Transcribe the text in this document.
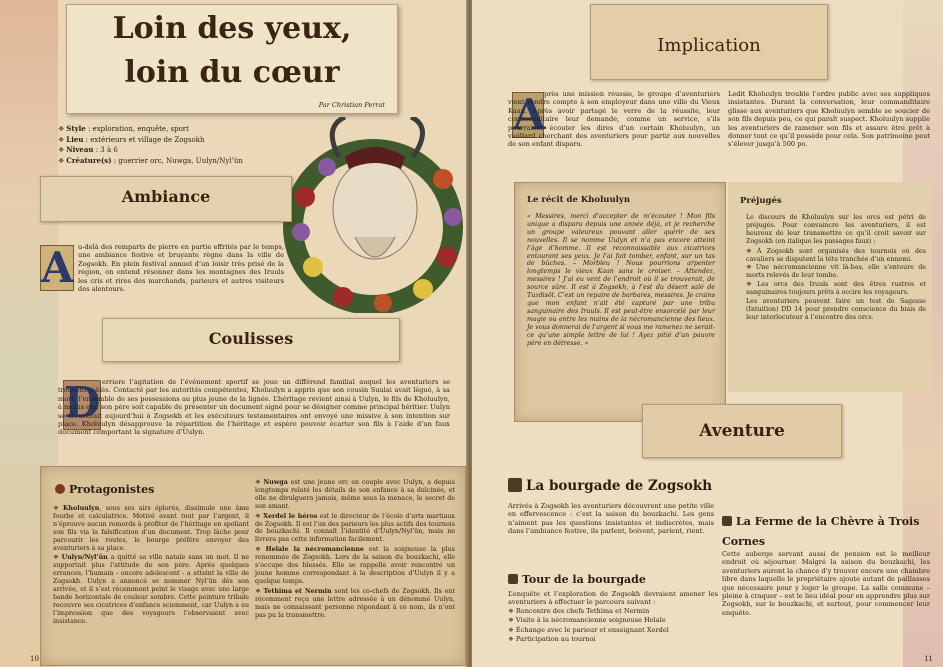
Loin des yeux,
loin du cœur
Par Christian Perrat
❖ Style : exploration, enquête, sport
❖ Lieu : extérieurs et village de Zogsokh
❖ Niveau : 3 à 6
❖ Créature(s) : guerrier orc, Nuwga, Uulyn/Nyl’ün
Ambiance
A u-delà des remparts de pierre en partie effrités par le temps, une ambiance festive et bruyante règne dans la ville de Zogsokh. En plein festival annuel d’un loisir très prisé de la région, on entend résonner dans les montagnes des Iruuls les cris et rires des marchands, parieurs et autres visiteurs des alentours.
Coulisses
D erriere l’agitation de l’événement sportif se joue un différend familial auquel les aventuriers se trouvent mêlés. Contacté par les autorités compétentes, Kholuulyn a appris que son cousin Suulai avait légué, à sa mort, l’ensemble de ses possessions au plus jeune de la lignée. L’héritage revient ainsi à Uulyn, le fils de Kholuulyn, à moins que son père soit capable de présenter un document signé pour se désigner comme principal héritier. Uulyn se trouverait aujourd’hui à Zogsokh et les exécuteurs testamentaires ont envoyé une missive à son intention sur place. Kholuulyn désapprouve la répartition de l’héritage et espère pouvoir écarter son fils à l’aide d’un faux document comportant la signature d’Uulyn.
Protagonistes

❖ Kholuulyn, sous ses airs éplorés, dissimule une âme fourbe et calculatrice. Motivé avant tout par l’argent, il n’éprouve aucun remords à profiter de l’héritage en spoliant son fils via la falsification d’un document. Trop lâche pour parcourir les routes, le bourge préfère envoyer des aventuriers à sa place.

❖ Uulyn/Nyl’ün a quitté sa ville natale sans un mot. Il ne supportait plus l’attitude de son père. Après quelques errances, l’humain - encore adolescent - a atteint la ville de Zogsokh. Uulyn a annoncé se nommer Nyl’ün dès son arrivée, et il s’est récemment peint le visage avec une large bande horizontale de couleur sombre. Cette peinture tribale recouvre ses cicatrices d’enfance sciemment, car Uulyn a eu l’impression que des voyageurs l’observaient avec insistance.

❖ Nuwga est une jeune orc en couple avec Uulyn, a depuis longtemps relaté les détails de son enfance à sa dulcinée, et elle ne divulguera jamais, même sous la menace, le secret de son amant.

❖ Xerdel le héros est le directeur de l’école d’arts martiaux de Zogsokh. Il est l’un des parieurs les plus actifs des tournois de bouzkachi. Il connaît l’identité d’Uulyn/Nyl’ün, mais ne livrera pas cette information facilement.

❖ Helale la nécromancienne est la soigneuse la plus renommée de Zogsokh. Lors de la saison du bouzkachi, elle s’occupe des blessés. Elle se rappelle avoir rencontré un jeune homme correspondant à la description d’Uulyn il y a quelque temps.

❖ Tethima et Nermin sont les co-chefs de Zogsokh. Ils ont récemment reçu une lettre adressée à un dénommé Uulyn, mais ne connaissant personne répondant à ce nom, ils n’ont pas pu la transmettre.

10
Implication
A
près une mission réussie, le groupe d’aventuriers vient rendre compte à son employeur dans une ville du Vieux Kaan. Après avoir partagé le verre de la réussite, leur commanditaire leur demande, comme un service, s’ils pourraient écouter les dires d’un certain Kholuulyn, un vieillard cherchant des aventuriers pour partir aux nouvelles de son enfant disparu.
Ledit Kholuulyn trouble l’ordre public avec ses suppliques insistantes. Durant la conversation, leur commanditaire glisse aux aventuriers que Kholuulyn semble se soucier de son fils depuis peu, ce qui paraît suspect. Kholuulyn supplie les aventuriers de ramener son fils et assure être prêt à donner tout ce qu’il possède pour cela. Son patrimoine peut s’élever jusqu’à 500 po.
Le récit de Kholuulyn
« Messires, merci d’accepter de m’écouter ! Mon fils unique a disparu depuis une année déjà, et je recherche un groupe valeureux pouvant aller quérir de ses nouvelles. Il se nomme Uulyn et n’a pas encore atteint l’âge d’homme. Il est reconnaissable aux cicatrices entourant ses yeux. Je l’ai fait tomber, enfant, sur un tas de bûches. – Morbleu ! Nous pourrions arpenter longtemps le vieux Kaan sans le croiser. – Attendez, messires ! J’ai eu vent de l’endroit où il se trouverait, de source sûre. Il est à Zogsokh, à l’est du désert salé de Tuzdisöl. C’est un repaire de barbares, messires. Je crains que mon enfant n’ait été capturé par une tribu sanguinaire des Iruuls. Il est peut-être ensorcelé par leur magie ou entre les mains de la nécromancienne des lieux. Je vous donnerai de l’argent si vous me ramenez ne serait-ce qu’une simple lettre de lui ! Ayez pitié d’un pauvre père en détresse. »
Préjugés

Le discours de Kholuulyn sur les orcs est pétri de préjugés. Pour convaincre les aventuriers, il est heureux de leur transmettre ce qu’il croit savoir sur Zogsokh (en italique les passages faux) :

❖ À Zogsokh sont organisés des tournois où des cavaliers se disputent la tête tranchée d’un ennemi.
❖ Une nécromancienne vit là-bas, elle s’entoure de morts relevés de leur tombe.
❖ Les orcs des Iruuls sont des êtres rustres et sanguinaires toujours prêts à occire les voyageurs.

Les aventuriers peuvent faire un test de Sagesse (Intuition) DD 14 pour prendre conscience du biais de leur interlocuteur à l’encontre des orcs.

Aventure
La bourgade de Zogsokh
Arrivés à Zogsokh les aventuriers découvrent une petite ville en effervescence : c’est la saison du bouzkachi. Les gens n’aiment pas les questions insistantes et indiscrètes, mais dans l’ambiance festive, ils parlent, boivent, parient, rient.
Tour de la bourgade
L’enquête et l’exploration de Zogsokh devraient amener les aventuriers à effectuer le parcours suivant :
❖ Rencontre des chefs Tethima et Nermin
❖ Visite à la nécromancienne soigneuse Helale
❖ Échange avec le parieur et enseignant Xerdel
❖ Participation au tournoi
La Ferme de la Chèvre à Trois Cornes
Cette auberge servant aussi de pension est le meilleur endroit où séjourner. Malgré la saison du bouzkachi, les aventuriers auront la chance d’y trouver encore une chambre libre dans laquelle le propriétaire ajoute autant de paillasses que nécessaire pour y loger le groupe. La salle commune – pleine à craquer – est le lieu idéal pour en apprendre plus sur Zogsokh, sur le bouzkachi, et surtout, pour commencer leur enquête.
11
